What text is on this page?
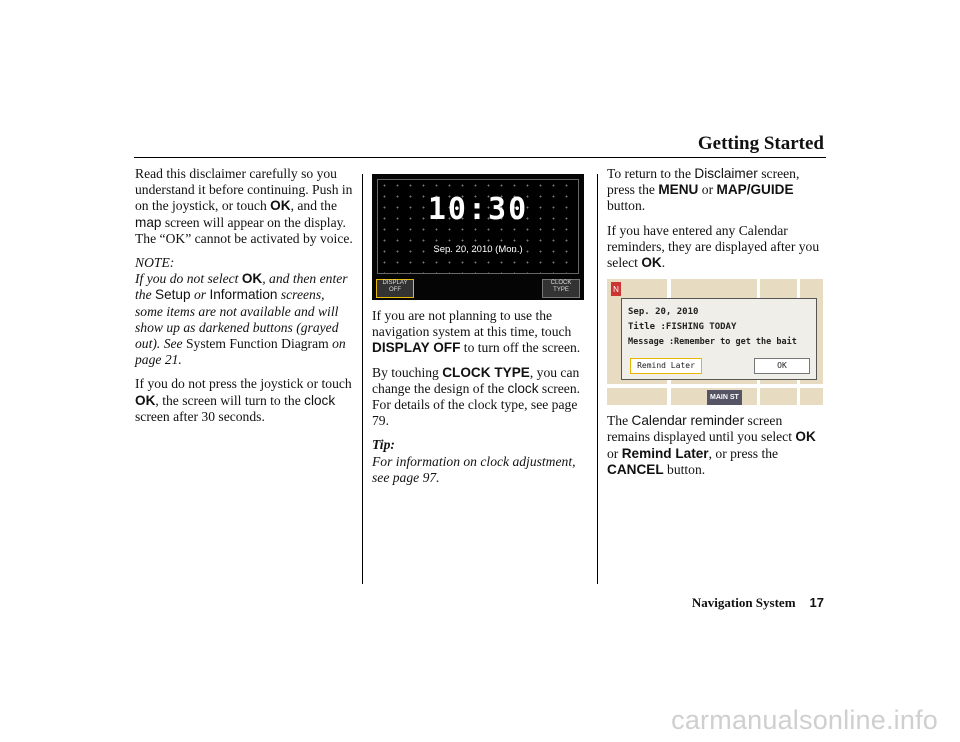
Getting Started

Read this disclaimer carefully so you understand it before continuing. Push in on the joystick, or touch OK, and the map screen will appear on the display. The “OK” cannot be activated by voice.

NOTE:

If you do not select OK, and then enter the Setup or Information screens, some items are not available and will show up as darkened buttons (grayed out). See System Function Diagram on page 21.

If you do not press the joystick or touch OK, the screen will turn to the clock screen after 30 seconds.

10:30
Sep. 20, 2010 (Mon.)
DISPLAY OFF
CLOCK TYPE

If you are not planning to use the navigation system at this time, touch DISPLAY OFF to turn off the screen.

By touching CLOCK TYPE, you can change the design of the clock screen. For details of the clock type, see page 79.

Tip:

For information on clock adjustment, see page 97.

To return to the Disclaimer screen, press the MENU or MAP/GUIDE button.

If you have entered any Calendar reminders, they are displayed after you select OK.

N
Sep. 20, 2010
Title :FISHING TODAY
Message :Remember to get the bait
Remind Later	OK
MAIN ST

The Calendar reminder screen remains displayed until you select OK or Remind Later, or press the CANCEL button.

Navigation System 17
carmanualsonline.info
